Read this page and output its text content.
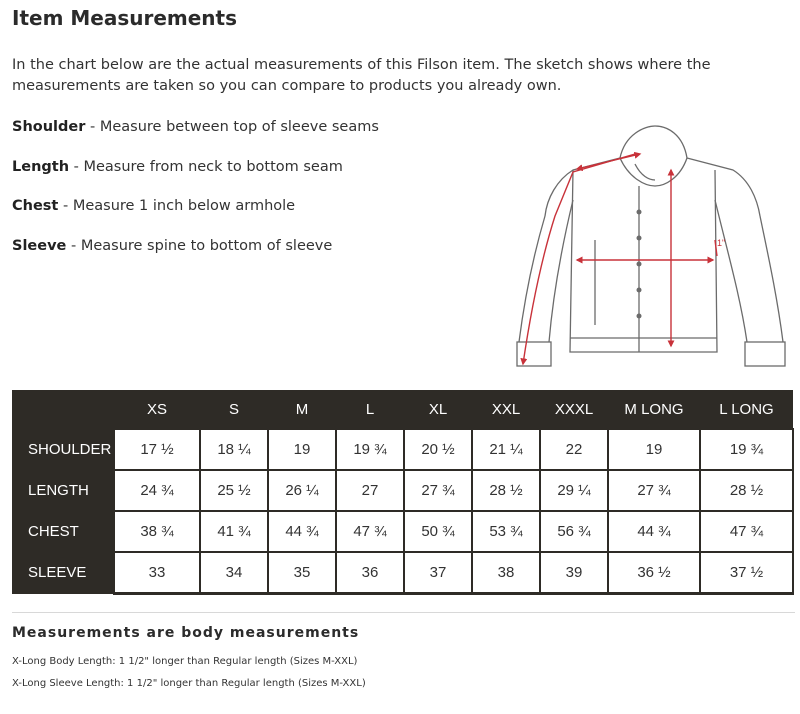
Item Measurements

In the chart below are the actual measurements of this Filson item. The sketch shows where the measurements are taken so you can compare to products you already own.

Shoulder - Measure between top of sleeve seams
Length - Measure from neck to bottom seam
Chest - Measure 1 inch below armhole
Sleeve - Measure spine to bottom of sleeve	1"
	XS	S	M	L	XL	XXL	XXXL	M LONG	L LONG
SHOULDER	17 ½	18 ¼	19	19 ¾	20 ½	21 ¼	22	19	19 ¾
LENGTH	24 ¾	25 ½	26 ¼	27	27 ¾	28 ½	29 ¼	27 ¾	28 ½
CHEST	38 ¾	41 ¾	44 ¾	47 ¾	50 ¾	53 ¾	56 ¾	44 ¾	47 ¾
SLEEVE	33	34	35	36	37	38	39	36 ½	37 ½
Measurements are body measurements

X-Long Body Length: 1 1/2" longer than Regular length (Sizes M-XXL)

X-Long Sleeve Length: 1 1/2" longer than Regular length (Sizes M-XXL)
